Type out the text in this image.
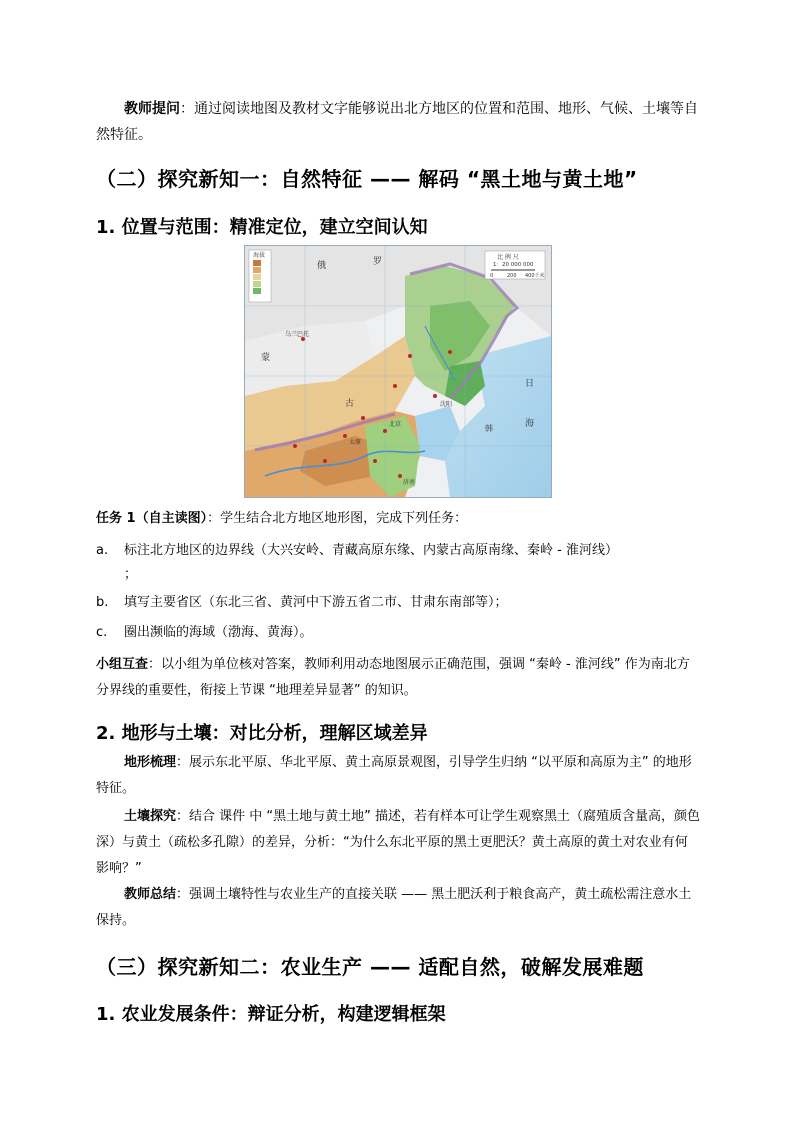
教师提问：通过阅读地图及教材文字能够说出北方地区的位置和范围、地形、气候、土壤等自然特征。
（二）探究新知一：自然特征 —— 解码 “黑土地与黄土地”
1. 位置与范围：精准定位，建立空间认知
海拔	比 例 尺
1：20 000 000
0	200 400千米
俄	罗
蒙
古
乌兰巴托
海
日
韩
沈阳
北京
太原
济南
任务 1（自主读图）：学生结合北方地区地形图，完成下列任务：
a. 标注北方地区的边界线（大兴安岭、青藏高原东缘、内蒙古高原南缘、秦岭 - 淮河线）
；
b. 填写主要省区（东北三省、黄河中下游五省二市、甘肃东南部等）；
c. 圈出濒临的海域（渤海、黄海）。
小组互查：以小组为单位核对答案，教师利用动态地图展示正确范围，强调 “秦岭 - 淮河线” 作为南北方分界线的重要性，衔接上节课 “地理差异显著” 的知识。
2. 地形与土壤：对比分析，理解区域差异
地形梳理：展示东北平原、华北平原、黄土高原景观图，引导学生归纳 “以平原和高原为主” 的地形特征。
土壤探究：结合 课件 中 “黑土地与黄土地” 描述，若有样本可让学生观察黑土（腐殖质含量高，颜色深）与黄土（疏松多孔隙）的差异，分析：“为什么东北平原的黑土更肥沃？黄土高原的黄土对农业有何影响？”
教师总结：强调土壤特性与农业生产的直接关联 —— 黑土肥沃利于粮食高产，黄土疏松需注意水土保持。
（三）探究新知二：农业生产 —— 适配自然，破解发展难题
1. 农业发展条件：辩证分析，构建逻辑框架
